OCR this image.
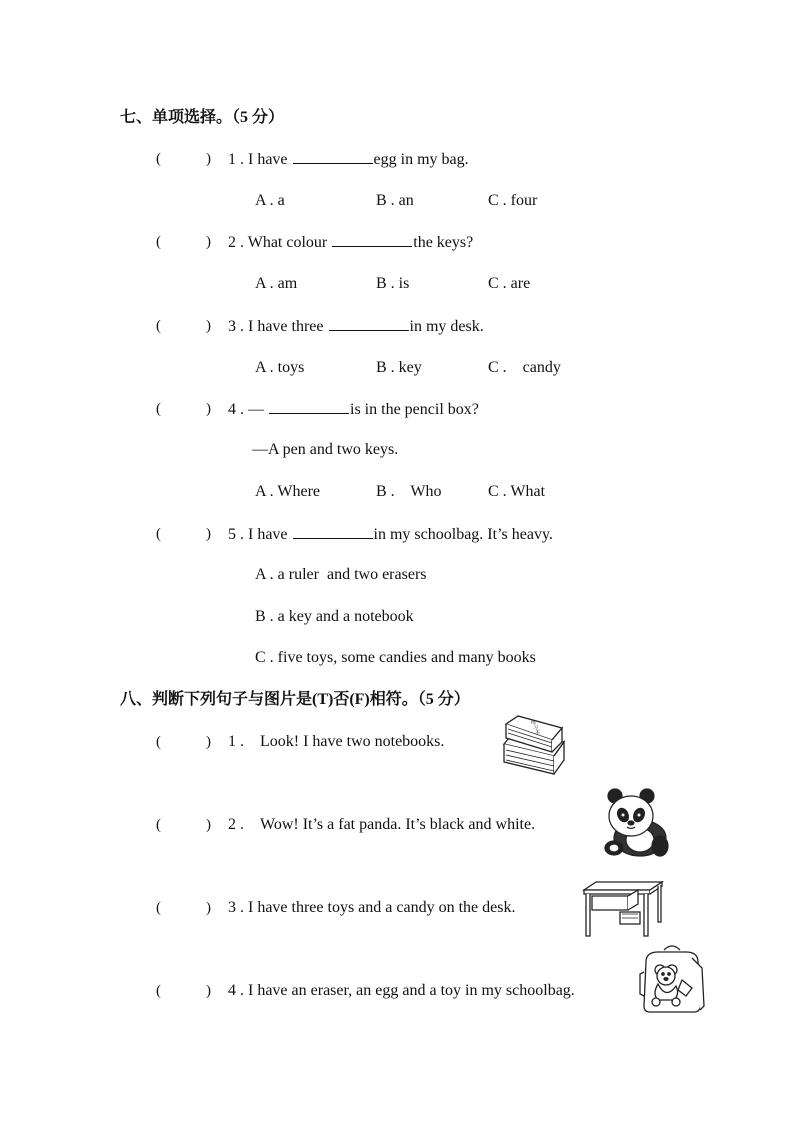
七、单项选择。（5 分）
(　　　) 1 . I have	egg in my bag.
A . a	B . an	C . four
(　　　) 2 . What colour	the keys?
A . am	B . is	C . are
(　　　) 3 . I have three	in my desk.
A . toys	B . key	C .    candy
(　　　) 4 . —	is in the pencil box?
—A pen and two keys.
A . Where	B .    Who	C . What
(　　　) 5 . I have	in my schoolbag. It’s heavy.
A . a ruler  and two erasers
B . a key and a notebook
C . five toys, some candies and many books
八、判断下列句子与图片是(T)否(F)相符。（5 分）
(　　　) 1 . Look! I have two notebooks.
练
习
本
(　　　) 2 . Wow! It’s a fat panda. It’s black and white.
(　　　) 3 . I have three toys and a candy on the desk.
(　　　) 4 . I have an eraser, an egg and a toy in my schoolbag.
